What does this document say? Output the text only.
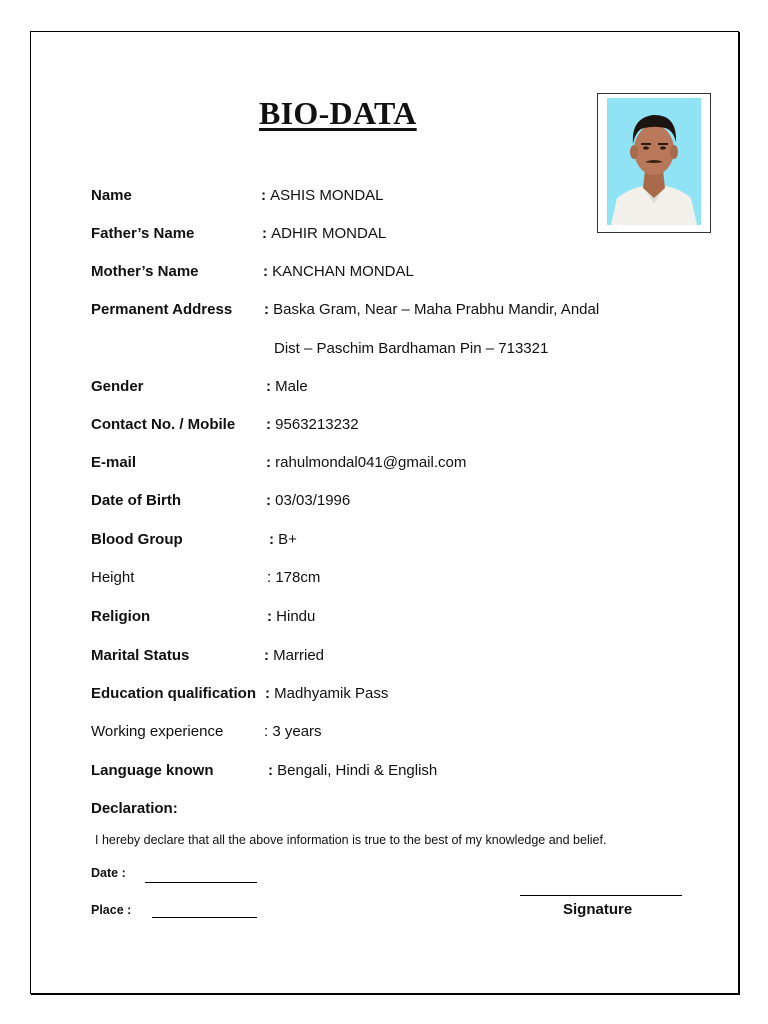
BIO-DATA
Name	: ASHIS MONDAL
Father’s Name	: ADHIR MONDAL
Mother’s Name	: KANCHAN MONDAL
Permanent Address : Baska Gram, Near – Maha Prabhu Mandir, Andal
Dist – Paschim Bardhaman Pin – 713321
Gender	: Male
Contact No. / Mobile : 9563213232
E-mail	: rahulmondal041@gmail.com
Date of Birth	: 03/03/1996
Blood Group	: B+
Height	: 178cm
Religion	: Hindu
Marital Status	: Married
Education qualification : Madhyamik Pass
Working experience	: 3 years
Language known	: Bengali, Hindi & English
Declaration:
I hereby declare that all the above information is true to the best of my knowledge and belief.
Date :
Place :	Signature
